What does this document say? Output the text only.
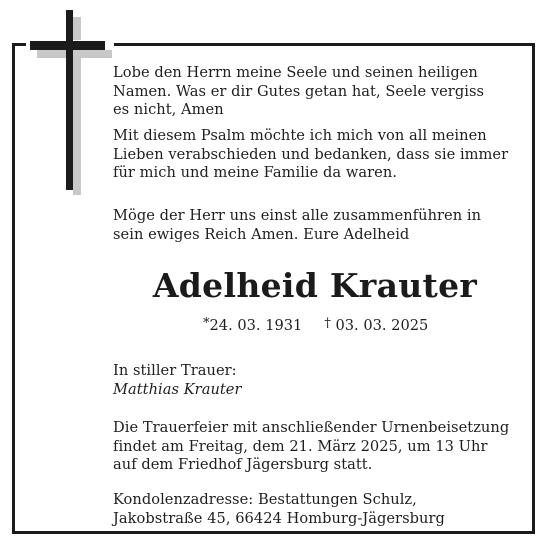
Lobe den Herrn meine Seele und seinen heiligen
Namen. Was er dir Gutes getan hat, Seele vergiss
es nicht, Amen
Mit diesem Psalm möchte ich mich von all meinen
Lieben verabschieden und bedanken, dass sie immer
für mich und meine Familie da waren.
Möge der Herr uns einst alle zusammenführen in
sein ewiges Reich Amen. Eure Adelheid
Adelheid Krauter
*24. 03. 1931 † 03. 03. 2025
In stiller Trauer:
Matthias Krauter
Die Trauerfeier mit anschließender Urnenbeisetzung
findet am Freitag, dem 21. März 2025, um 13 Uhr
auf dem Friedhof Jägersburg statt.
Kondolenzadresse: Bestattungen Schulz,
Jakobstraße 45, 66424 Homburg-Jägersburg
